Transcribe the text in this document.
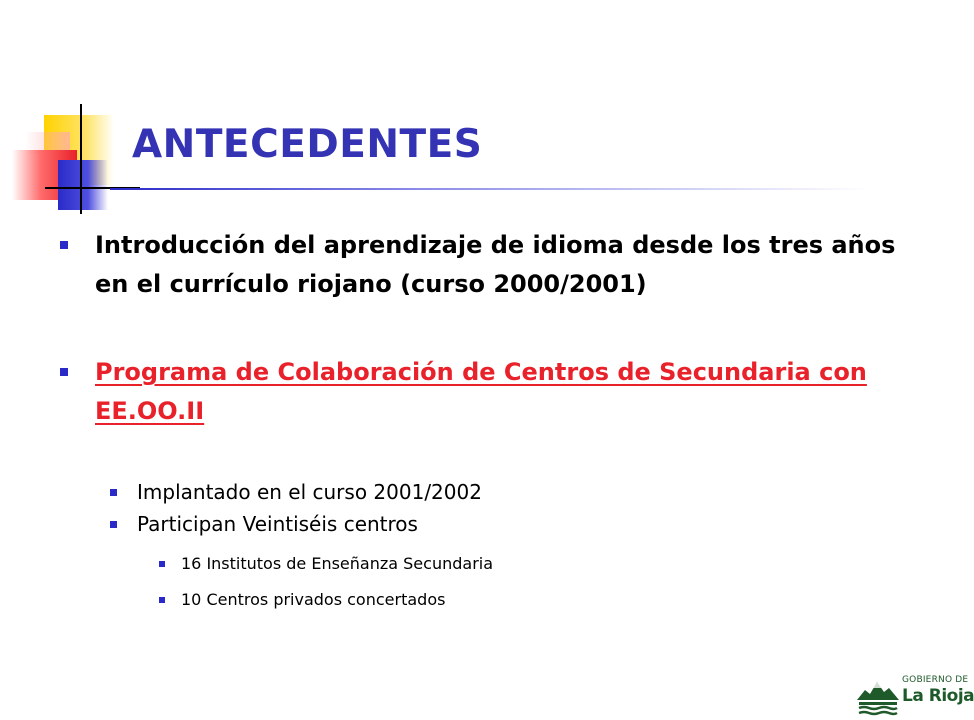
ANTECEDENTES
Introducción del aprendizaje de idioma desde los tres años en el currículo riojano (curso 2000/2001)
Programa de Colaboración de Centros de Secundaria con EE.OO.II
Implantado en el curso 2001/2002
Participan Veintiséis centros
16 Institutos de Enseñanza Secundaria
10 Centros privados concertados
GOBIERNO DE
La Rioja
